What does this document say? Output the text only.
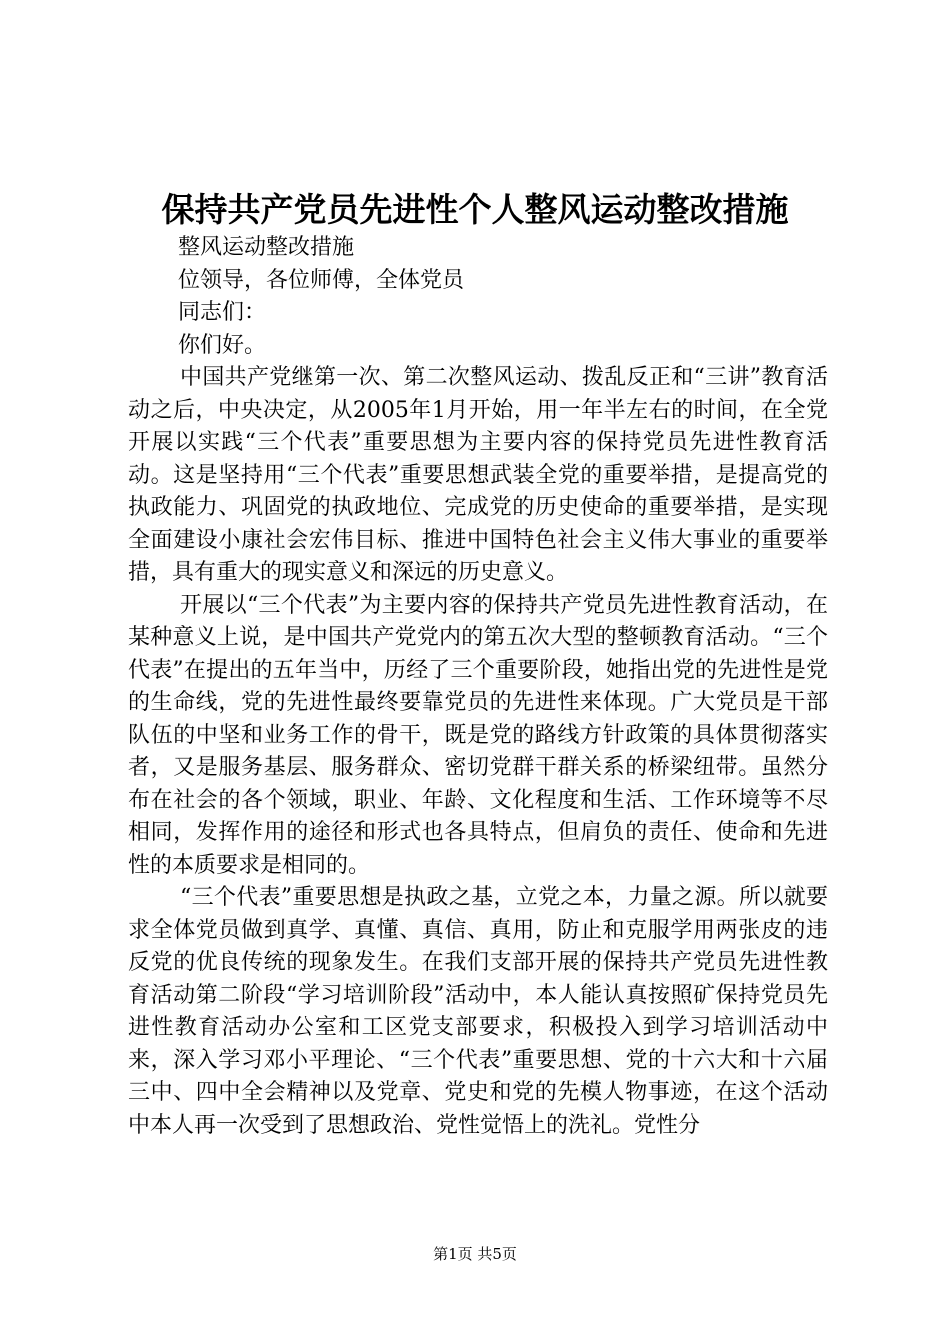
保持共产党员先进性个人整风运动整改措施
整风运动整改措施
位领导，各位师傅，全体党员
同志们：
你们好。

中国共产党继第一次、第二次整风运动、拨乱反正和“三讲”教育活动之后，中央决定，从2005年1月开始，用一年半左右的时间，在全党开展以实践“三个代表”重要思想为主要内容的保持党员先进性教育活动。这是坚持用“三个代表”重要思想武装全党的重要举措，是提高党的执政能力、巩固党的执政地位、完成党的历史使命的重要举措，是实现全面建设小康社会宏伟目标、推进中国特色社会主义伟大事业的重要举措，具有重大的现实意义和深远的历史意义。

开展以“三个代表”为主要内容的保持共产党员先进性教育活动，在某种意义上说，是中国共产党党内的第五次大型的整顿教育活动。“三个代表”在提出的五年当中，历经了三个重要阶段，她指出党的先进性是党的生命线，党的先进性最终要靠党员的先进性来体现。广大党员是干部队伍的中坚和业务工作的骨干，既是党的路线方针政策的具体贯彻落实者，又是服务基层、服务群众、密切党群干群关系的桥梁纽带。虽然分布在社会的各个领域，职业、年龄、文化程度和生活、工作环境等不尽相同，发挥作用的途径和形式也各具特点，但肩负的责任、使命和先进性的本质要求是相同的。

“三个代表”重要思想是执政之基，立党之本，力量之源。所以就要求全体党员做到真学、真懂、真信、真用，防止和克服学用两张皮的违反党的优良传统的现象发生。在我们支部开展的保持共产党员先进性教育活动第二阶段“学习培训阶段”活动中，本人能认真按照矿保持党员先进性教育活动办公室和工区党支部要求，积极投入到学习培训活动中来，深入学习邓小平理论、“三个代表”重要思想、党的十六大和十六届三中、四中全会精神以及党章、党史和党的先模人物事迹，在这个活动中本人再一次受到了思想政治、党性觉悟上的洗礼。党性分

第1页 共5页
